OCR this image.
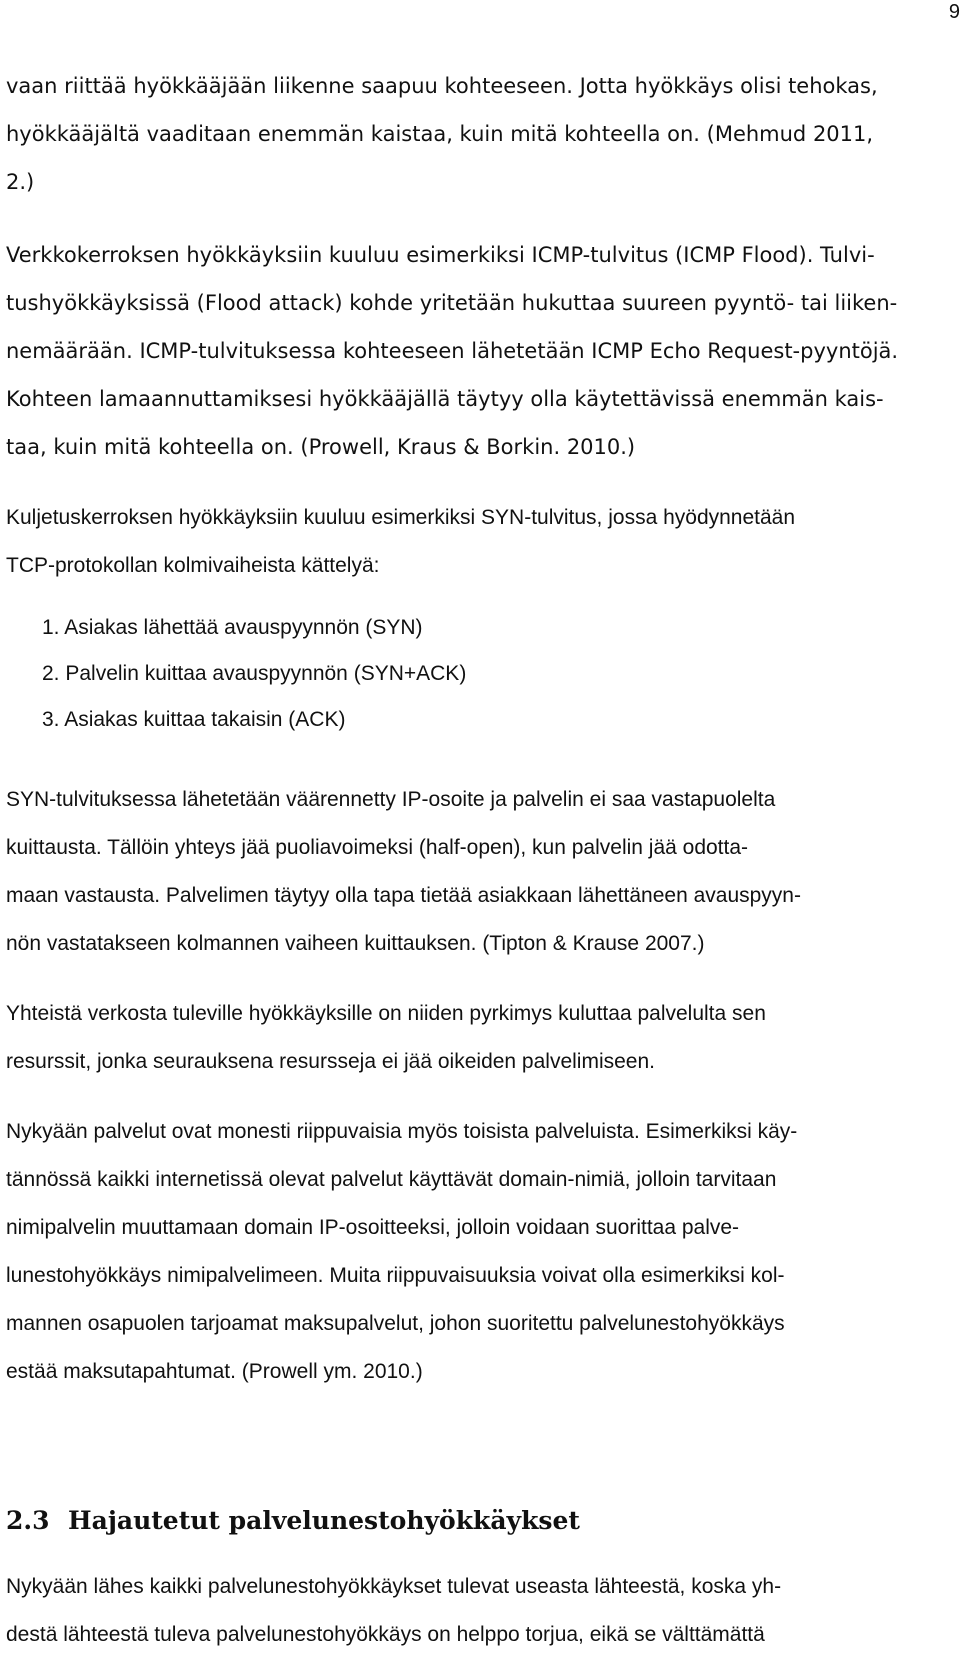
9
vaan riittää hyökkääjään liikenne saapuu kohteeseen. Jotta hyökkäys olisi tehokas,
hyökkääjältä vaaditaan enemmän kaistaa, kuin mitä kohteella on. (Mehmud 2011,
2.)
Verkkokerroksen hyökkäyksiin kuuluu esimerkiksi ICMP-tulvitus (ICMP Flood). Tulvi-
tushyökkäyksissä (Flood attack) kohde yritetään hukuttaa suureen pyyntö- tai liiken-
nemäärään. ICMP-tulvituksessa kohteeseen lähetetään ICMP Echo Request-pyyntöjä.
Kohteen lamaannuttamiksesi hyökkääjällä täytyy olla käytettävissä enemmän kais-
taa, kuin mitä kohteella on. (Prowell, Kraus & Borkin. 2010.)
Kuljetuskerroksen hyökkäyksiin kuuluu esimerkiksi SYN-tulvitus, jossa hyödynnetään
TCP-protokollan kolmivaiheista kättelyä:
1. Asiakas lähettää avauspyynnön (SYN)
2. Palvelin kuittaa avauspyynnön (SYN+ACK)
3. Asiakas kuittaa takaisin (ACK)
SYN-tulvituksessa lähetetään väärennetty IP-osoite ja palvelin ei saa vastapuolelta
kuittausta. Tällöin yhteys jää puoliavoimeksi (half-open), kun palvelin jää odotta-
maan vastausta. Palvelimen täytyy olla tapa tietää asiakkaan lähettäneen avauspyyn-
nön vastatakseen kolmannen vaiheen kuittauksen. (Tipton & Krause 2007.)
Yhteistä verkosta tuleville hyökkäyksille on niiden pyrkimys kuluttaa palvelulta sen
resurssit, jonka seurauksena resursseja ei jää oikeiden palvelimiseen.
Nykyään palvelut ovat monesti riippuvaisia myös toisista palveluista. Esimerkiksi käy-
tännössä kaikki internetissä olevat palvelut käyttävät domain-nimiä, jolloin tarvitaan
nimipalvelin muuttamaan domain IP-osoitteeksi, jolloin voidaan suorittaa palve-
lunestohyökkäys nimipalvelimeen. Muita riippuvaisuuksia voivat olla esimerkiksi kol-
mannen osapuolen tarjoamat maksupalvelut, johon suoritettu palvelunestohyökkäys
estää maksutapahtumat. (Prowell ym. 2010.)
2.3 Hajautetut palvelunestohyökkäykset
Nykyään lähes kaikki palvelunestohyökkäykset tulevat useasta lähteestä, koska yh-
destä lähteestä tuleva palvelunestohyökkäys on helppo torjua, eikä se välttämättä
